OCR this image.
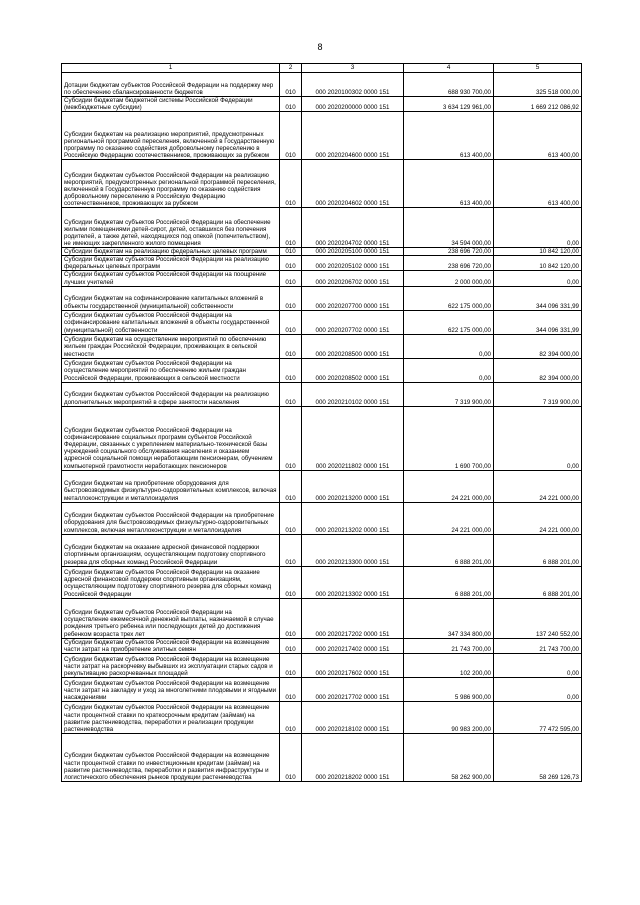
8
1	2	3	4	5
Дотации бюджетам субъектов Российской Федерации на поддержку мер по обеспечению сбалансированности бюджетов	010	000 2020100302 0000 151	688 930 700,00	325 518 000,00
Субсидии бюджетам бюджетной системы Российской Федерации (межбюджетные субсидии)	010	000 2020200000 0000 151	3 634 129 961,00	1 669 212 086,92
Субсидии бюджетам на реализацию мероприятий, предусмотренных региональной программой переселения, включенной в Государственную программу по оказанию содействия добровольному переселению в Российскую Федерацию соотечественников, проживающих за рубежом	010	000 2020204600 0000 151	613 400,00	613 400,00
Субсидии бюджетам субъектов Российской Федерации на реализацию мероприятий, предусмотренных региональной программой переселения, включенной в Государственную программу по оказанию содействия добровольному переселению в Российскую Федерацию соотечественников, проживающих за рубежом	010	000 2020204602 0000 151	613 400,00	613 400,00
Субсидии бюджетам субъектов Российской Федерации на обеспечение жилыми помещениями детей-сирот, детей, оставшихся без попечения родителей, а также детей, находящихся под опекой (попечительством), не имеющих закрепленного жилого помещения	010	000 2020204702 0000 151	34 594 000,00	0,00
Субсидии бюджетам на реализацию федеральных целевых программ	010	000 2020205100 0000 151	238 696 720,00	10 842 120,00
Субсидии бюджетам субъектов Российской Федерации на реализацию федеральных целевых программ	010	000 2020205102 0000 151	238 696 720,00	10 842 120,00
Субсидии бюджетам субъектов Российской Федерации на поощрение лучших учителей	010	000 2020206702 0000 151	2 000 000,00	0,00
Субсидии бюджетам на софинансирование капитальных вложений в объекты государственной (муниципальной) собственности	010	000 2020207700 0000 151	622 175 000,00	344 096 331,99
Субсидии бюджетам субъектов Российской Федерации на софинансирование капитальных вложений в объекты государственной (муниципальной) собственности	010	000 2020207702 0000 151	622 175 000,00	344 096 331,99
Субсидии бюджетам на осуществление мероприятий по обеспечению жильем граждан Российской Федерации, проживающих в сельской местности	010	000 2020208500 0000 151	0,00	82 394 000,00
Субсидии бюджетам субъектов Российской Федерации на осуществление мероприятий по обеспечению жильем граждан Российской Федерации, проживающих в сельской местности	010	000 2020208502 0000 151	0,00	82 394 000,00
Субсидии бюджетам субъектов Российской Федерации на реализацию дополнительных мероприятий в сфере занятости населения	010	000 2020210102 0000 151	7 319 900,00	7 319 900,00
Субсидии бюджетам субъектов Российской Федерации на софинансирование социальных программ субъектов Российской Федерации, связанных с укреплением материально-технической базы учреждений социального обслуживания населения и оказанием адресной социальной помощи неработающим пенсионерам, обучением компьютерной грамотности неработающих пенсионеров	010	000 2020211802 0000 151	1 690 700,00	0,00
Субсидии бюджетам на приобретение оборудования для быстровозводимых физкультурно-оздоровительных комплексов, включая металлоконструкции и металлоизделия	010	000 2020213200 0000 151	24 221 000,00	24 221 000,00
Субсидии бюджетам субъектов Российской Федерации на приобретение оборудования для быстровозводимых физкультурно-оздоровительных комплексов, включая металлоконструкции и металлоизделия	010	000 2020213202 0000 151	24 221 000,00	24 221 000,00
Субсидии бюджетам на оказание адресной финансовой поддержки спортивным организациям, осуществляющим подготовку спортивного резерва для сборных команд Российской Федерации	010	000 2020213300 0000 151	6 888 201,00	6 888 201,00
Субсидии бюджетам субъектов Российской Федерации на оказание адресной финансовой поддержки спортивным организациям, осуществляющим подготовку спортивного резерва для сборных команд Российской Федерации	010	000 2020213302 0000 151	6 888 201,00	6 888 201,00
Субсидии бюджетам субъектов Российской Федерации на осуществление ежемесячной денежной выплаты, назначаемой в случае рождения третьего ребенка или последующих детей до достижения ребенком возраста трех лет	010	000 2020217202 0000 151	347 334 800,00	137 240 552,00
Субсидии бюджетам субъектов Российской Федерации на возмещение части затрат на приобретение элитных семян	010	000 2020217402 0000 151	21 743 700,00	21 743 700,00
Субсидии бюджетам субъектов Российской Федерации на возмещение части затрат на раскорчевку выбывших из эксплуатации старых садов и рекультивацию раскорчеванных площадей	010	000 2020217602 0000 151	102 200,00	0,00
Субсидии бюджетам субъектов Российской Федерации на возмещение части затрат на закладку и уход за многолетними плодовыми и ягодными насаждениями	010	000 2020217702 0000 151	5 986 900,00	0,00
Субсидии бюджетам субъектов Российской Федерации на возмещение части процентной ставки по краткосрочным кредитам (займам) на развитие растениеводства, переработки и реализации продукции растениеводства	010	000 2020218102 0000 151	90 983 200,00	77 472 595,00
Субсидии бюджетам субъектов Российской Федерации на возмещение части процентной ставки по инвестиционным кредитам (займам) на развитие растениеводства, переработки и развития инфраструктуры и логистического обеспечения рынков продукции растениеводства	010	000 2020218202 0000 151	58 262 900,00	58 269 126,73
